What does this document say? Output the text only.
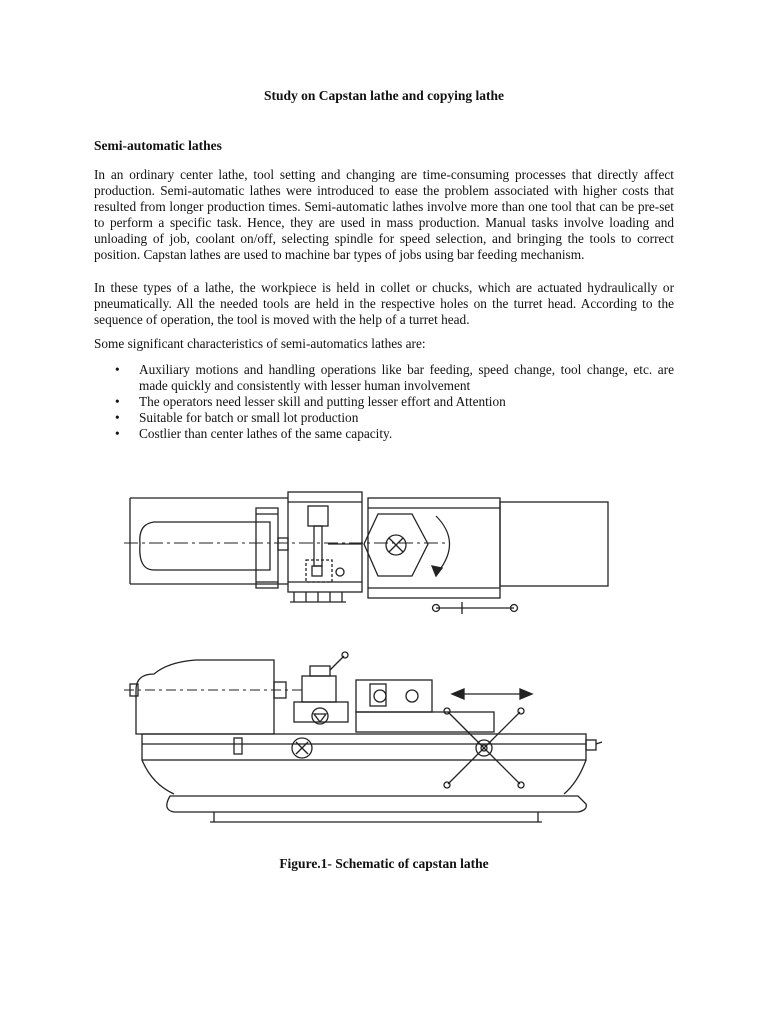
Study on Capstan lathe and copying lathe
Semi-automatic lathes

In an ordinary center lathe, tool setting and changing are time-consuming processes that directly affect production. Semi-automatic lathes were introduced to ease the problem associated with higher costs that resulted from longer production times. Semi-automatic lathes involve more than one tool that can be pre-set to perform a specific task. Hence, they are used in mass production. Manual tasks involve loading and unloading of job, coolant on/off, selecting spindle for speed selection, and bringing the tools to correct position. Capstan lathes are used to machine bar types of jobs using bar feeding mechanism.

In these types of a lathe, the workpiece is held in collet or chucks, which are actuated hydraulically or pneumatically. All the needed tools are held in the respective holes on the turret head. According to the sequence of operation, the tool is moved with the help of a turret head.

Some significant characteristics of semi-automatics lathes are:

• Auxiliary motions and handling operations like bar feeding, speed change, tool change, etc. are made quickly and consistently with lesser human involvement
• The operators need lesser skill and putting lesser effort and Attention
• Suitable for batch or small lot production
• Costlier than center lathes of the same capacity.
Figure.1- Schematic of capstan lathe
